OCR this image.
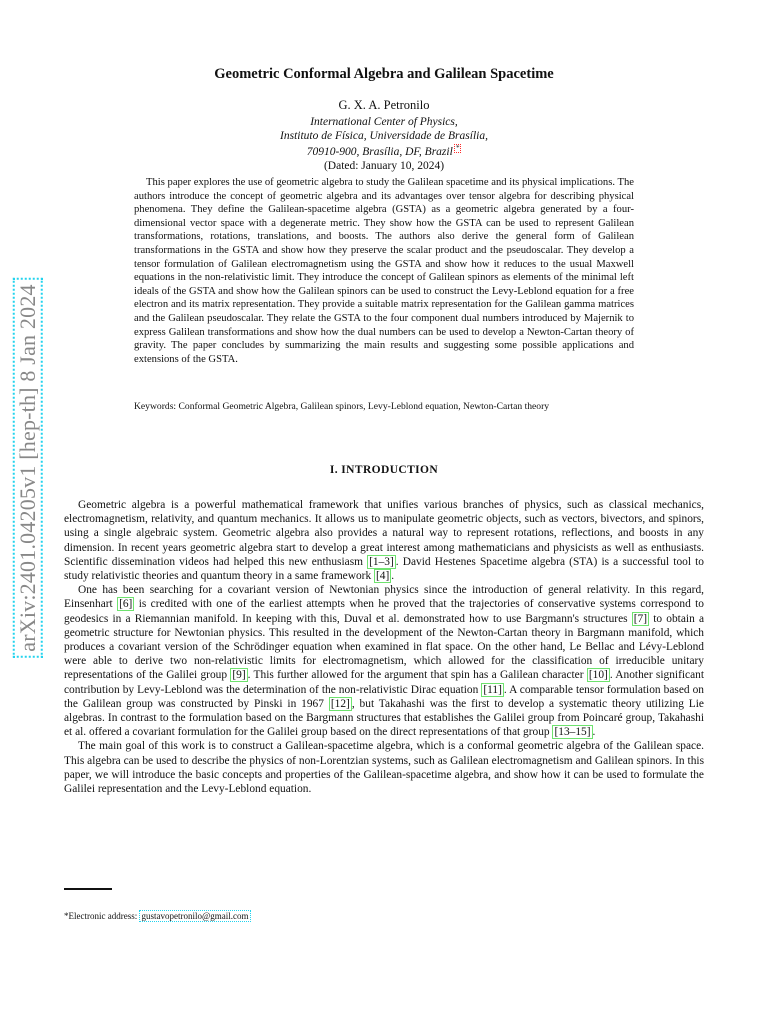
arXiv:2401.04205v1 [hep-th] 8 Jan 2024
Geometric Conformal Algebra and Galilean Spacetime
G. X. A. Petronilo
International Center of Physics,
Instituto de Física, Universidade de Brasília,
70910-900, Brasília, DF, Brazil *
(Dated: January 10, 2024)

This paper explores the use of geometric algebra to study the Galilean spacetime and its physical implications. The authors introduce the concept of geometric algebra and its advantages over tensor algebra for describing physical phenomena. They define the Galilean-spacetime algebra (GSTA) as a geometric algebra generated by a four-dimensional vector space with a degenerate metric. They show how the GSTA can be used to represent Galilean transformations, rotations, translations, and boosts. The authors also derive the general form of Galilean transformations in the GSTA and show how they preserve the scalar product and the pseudoscalar. They develop a tensor formulation of Galilean electromagnetism using the GSTA and show how it reduces to the usual Maxwell equations in the non-relativistic limit. They introduce the concept of Galilean spinors as elements of the minimal left ideals of the GSTA and show how the Galilean spinors can be used to construct the Levy-Leblond equation for a free electron and its matrix representation. They provide a suitable matrix representation for the Galilean gamma matrices and the Galilean pseudoscalar. They relate the GSTA to the four component dual numbers introduced by Majernik to express Galilean transformations and show how the dual numbers can be used to develop a Newton-Cartan theory of gravity. The paper concludes by summarizing the main results and suggesting some possible applications and extensions of the GSTA.

Keywords: Conformal Geometric Algebra, Galilean spinors, Levy-Leblond equation, Newton-Cartan theory
I. INTRODUCTION

Geometric algebra is a powerful mathematical framework that unifies various branches of physics, such as classical mechanics, electromagnetism, relativity, and quantum mechanics. It allows us to manipulate geometric objects, such as vectors, bivectors, and spinors, using a single algebraic system. Geometric algebra also provides a natural way to represent rotations, reflections, and boosts in any dimension. In recent years geometric algebra start to develop a great interest among mathematicians and physicists as well as enthusiasts. Scientific dissemination videos had helped this new enthusiasm [1–3] . David Hestenes Spacetime algebra (STA) is a successful tool to study relativistic theories and quantum theory in a same framework [4] .

One has been searching for a covariant version of Newtonian physics since the introduction of general relativity. In this regard, Einsenhart [6] is credited with one of the earliest attempts when he proved that the trajectories of conservative systems correspond to geodesics in a Riemannian manifold. In keeping with this, Duval et al. demonstrated how to use Bargmann's structures [7] to obtain a geometric structure for Newtonian physics. This resulted in the development of the Newton-Cartan theory in Bargmann manifold, which produces a covariant version of the Schrödinger equation when examined in flat space. On the other hand, Le Bellac and Lévy-Leblond were able to derive two non-relativistic limits for electromagnetism, which allowed for the classification of irreducible unitary representations of the Galilei group [9] . This further allowed for the argument that spin has a Galilean character [10] . Another significant contribution by Levy-Leblond was the determination of the non-relativistic Dirac equation [11] . A comparable tensor formulation based on the Galilean group was constructed by Pinski in 1967 [12] , but Takahashi was the first to develop a systematic theory utilizing Lie algebras. In contrast to the formulation based on the Bargmann structures that establishes the Galilei group from Poincaré group, Takahashi et al. offered a covariant formulation for the Galilei group based on the direct representations of that group [13–15] .

The main goal of this work is to construct a Galilean-spacetime algebra, which is a conformal geometric algebra of the Galilean space. This algebra can be used to describe the physics of non-Lorentzian systems, such as Galilean electromagnetism and Galilean spinors. In this paper, we will introduce the basic concepts and properties of the Galilean-spacetime algebra, and show how it can be used to formulate the Galilei representation and the Levy-Leblond equation.

*Electronic address: gustavopetronilo@gmail.com
